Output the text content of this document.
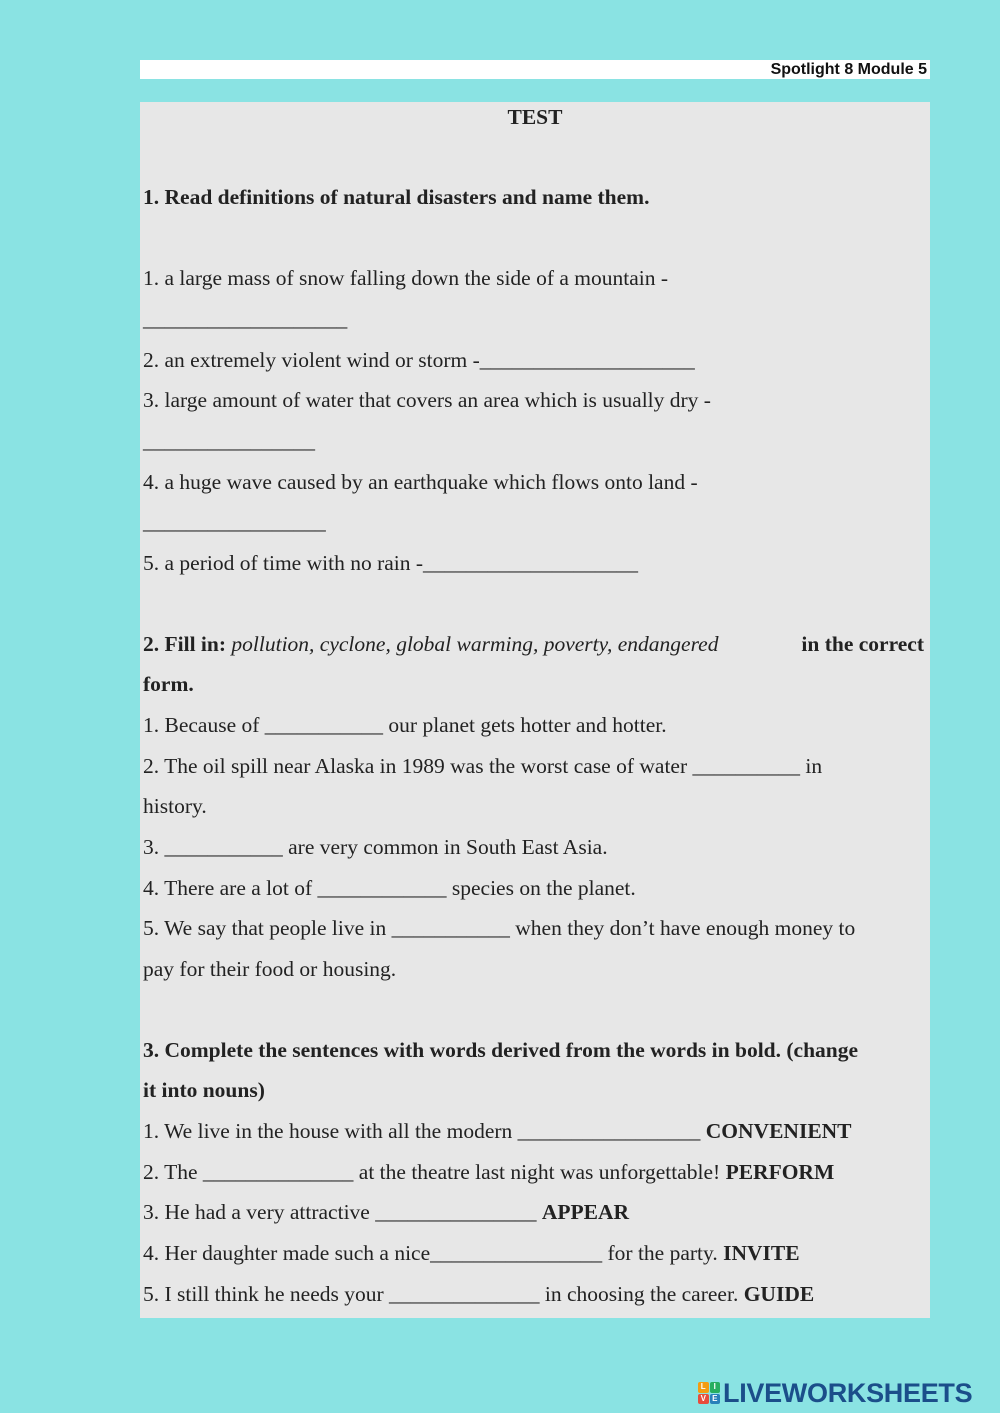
Spotlight 8 Module 5
TEST
1. Read definitions of natural disasters and name them.
1. a large mass of snow falling down the side of a mountain -
___________________
2. an extremely violent wind or storm -____________________
3. large amount of water that covers an area which is usually dry -
________________
4. a huge wave caused by an earthquake which flows onto land -
_________________
5. a period of time with no rain -____________________
2. Fill in: pollution, cyclone, global warming, poverty, endangered	in the correct
form.
1. Because of ___________ our planet gets hotter and hotter.
2. The oil spill near Alaska in 1989 was the worst case of water __________ in
history.
3. ___________ are very common in South East Asia.
4. There are a lot of ____________ species on the planet.
5. We say that people live in ___________ when they don’t have enough money to
pay for their food or housing.
3. Complete the sentences with words derived from the words in bold. (change
it into nouns)
1. We live in the house with all the modern _________________ CONVENIENT
2. The ______________ at the theatre last night was unforgettable! PERFORM
3. He had a very attractive _______________ APPEAR
4. Her daughter made such a nice________________ for the party. INVITE
5. I still think he needs your ______________ in choosing the career. GUIDE
L I
V E LIVEWORKSHEETS
